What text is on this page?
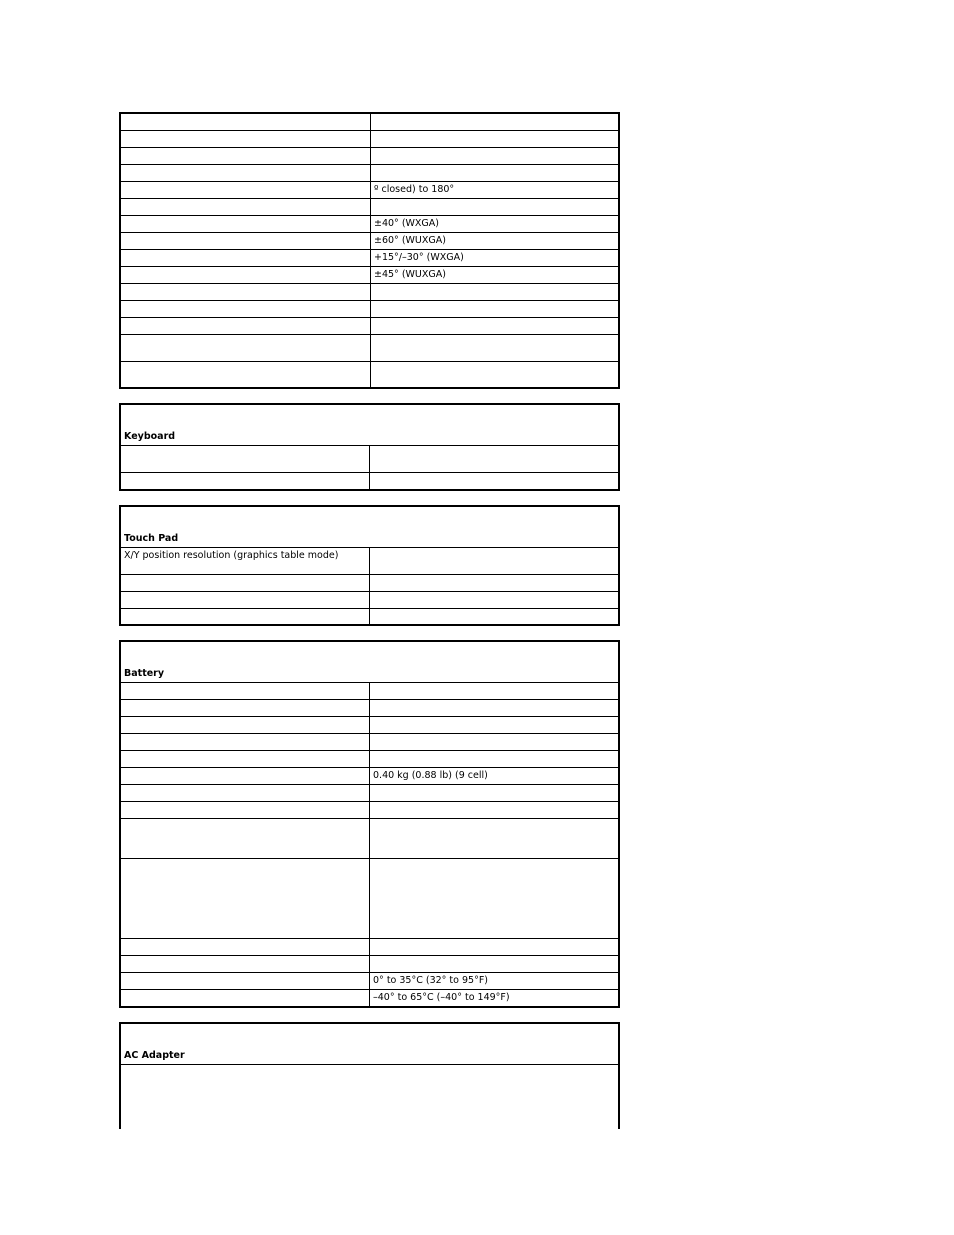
	º closed) to 180°

	±40° (WXGA)
	±60° (WUXGA)
	+15°/–30° (WXGA)
	±45° (WUXGA)

Keyboard	

Touch Pad	
X/Y position resolution (graphics table mode)	

Battery	

	0.40 kg (0.88 lb) (9 cell)

	0° to 35°C (32° to 95°F)
	–40° to 65°C (–40° to 149°F)
AC Adapter
